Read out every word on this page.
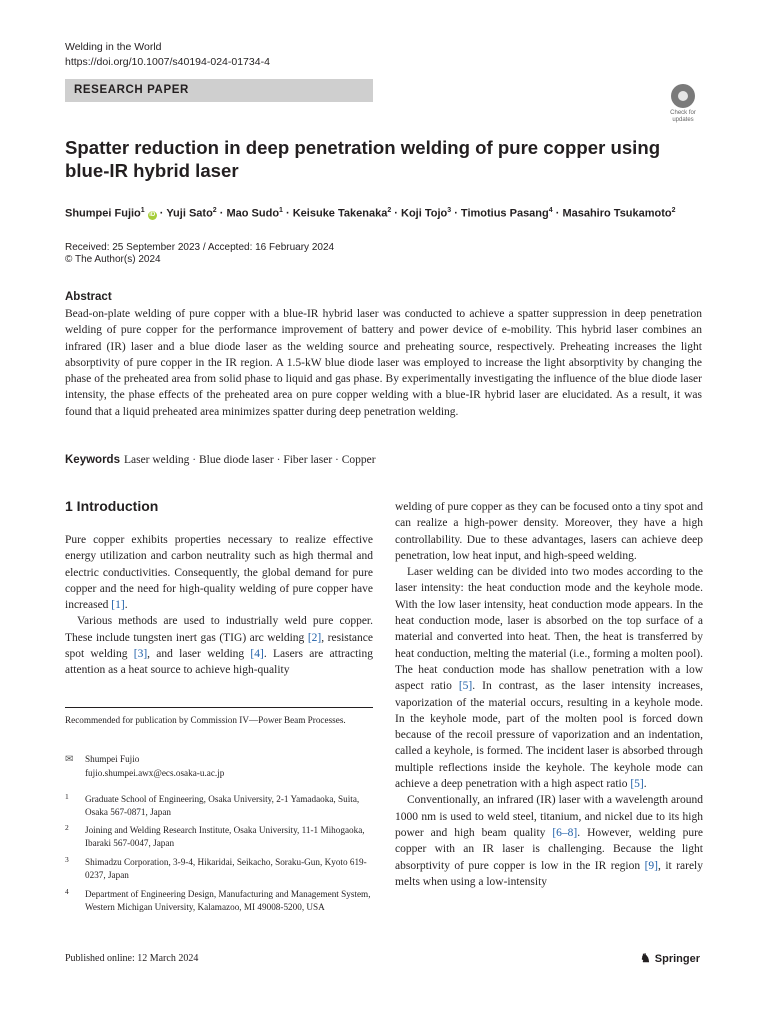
Welding in the World
https://doi.org/10.1007/s40194-024-01734-4
RESEARCH PAPER
Check for updates
Spatter reduction in deep penetration welding of pure copper using blue-IR hybrid laser
Shumpei Fujio$^1$ iD · Yuji Sato$^2$ · Mao Sudo$^1$ · Keisuke Takenaka$^2$ · Koji Tojo$^3$ · Timotius Pasang$^4$ · Masahiro Tsukamoto$^2$
Received: 25 September 2023 / Accepted: 16 February 2024
© The Author(s) 2024
Abstract
Bead-on-plate welding of pure copper with a blue-IR hybrid laser was conducted to achieve a spatter suppression in deep penetration welding of pure copper for the performance improvement of battery and power device of e-mobility. This hybrid laser combines an infrared (IR) laser and a blue diode laser as the welding source and preheating source, respectively. Preheating increases the light absorptivity of pure copper in the IR region. A 1.5-kW blue diode laser was employed to increase the light absorptivity by changing the phase of the preheated area from solid phase to liquid and gas phase. By experimentally investigating the influence of the blue diode laser intensity, the phase effects of the preheated area on pure copper welding with a blue-IR hybrid laser are elucidated. As a result, it was found that a liquid preheated area minimizes spatter during deep penetration welding.
Keywords Laser welding · Blue diode laser · Fiber laser · Copper
1 Introduction

Pure copper exhibits properties necessary to realize effective energy utilization and carbon neutrality such as high thermal and electric conductivities. Consequently, the global demand for pure copper and the need for high-quality welding of pure copper have increased [1].

Various methods are used to industrially weld pure copper. These include tungsten inert gas (TIG) arc welding [2], resistance spot welding [3], and laser welding [4]. Lasers are attracting attention as a heat source to achieve high-quality

welding of pure copper as they can be focused onto a tiny spot and can realize a high-power density. Moreover, they have a high controllability. Due to these advantages, lasers can achieve deep penetration, low heat input, and high-speed welding.

Laser welding can be divided into two modes according to the laser intensity: the heat conduction mode and the keyhole mode. With the low laser intensity, heat conduction mode appears. In the heat conduction mode, laser is absorbed on the top surface of a material and converted into heat. Then, the heat is transferred by heat conduction, melting the material (i.e., forming a molten pool). The heat conduction mode has shallow penetration with a low aspect ratio [5]. In contrast, as the laser intensity increases, vaporization of the material occurs, resulting in a keyhole mode. In the keyhole mode, part of the molten pool is forced down because of the recoil pressure of vaporization and an indentation, called a keyhole, is formed. The incident laser is absorbed through multiple reflections inside the keyhole. The keyhole mode can achieve a deep penetration with a high aspect ratio [5].

Conventionally, an infrared (IR) laser with a wavelength around 1000 nm is used to weld steel, titanium, and nickel due to its high power and high beam quality [6–8]. However, welding pure copper with an IR laser is challenging. Because the light absorptivity of pure copper is low in the IR region [9], it rarely melts when using a low-intensity

Recommended for publication by Commission IV—Power Beam Processes.
✉ Shumpei Fujio
fujio.shumpei.awx@ecs.osaka-u.ac.jp
1 Graduate School of Engineering, Osaka University, 2-1 Yamadaoka, Suita, Osaka 567-0871, Japan
2 Joining and Welding Research Institute, Osaka University, 11-1 Mihogaoka, Ibaraki 567-0047, Japan
3 Shimadzu Corporation, 3-9-4, Hikaridai, Seikacho, Soraku-Gun, Kyoto 619-0237, Japan
4 Department of Engineering Design, Manufacturing and Management System, Western Michigan University, Kalamazoo, MI 49008-5200, USA
Published online: 12 March 2024	♞ Springer
